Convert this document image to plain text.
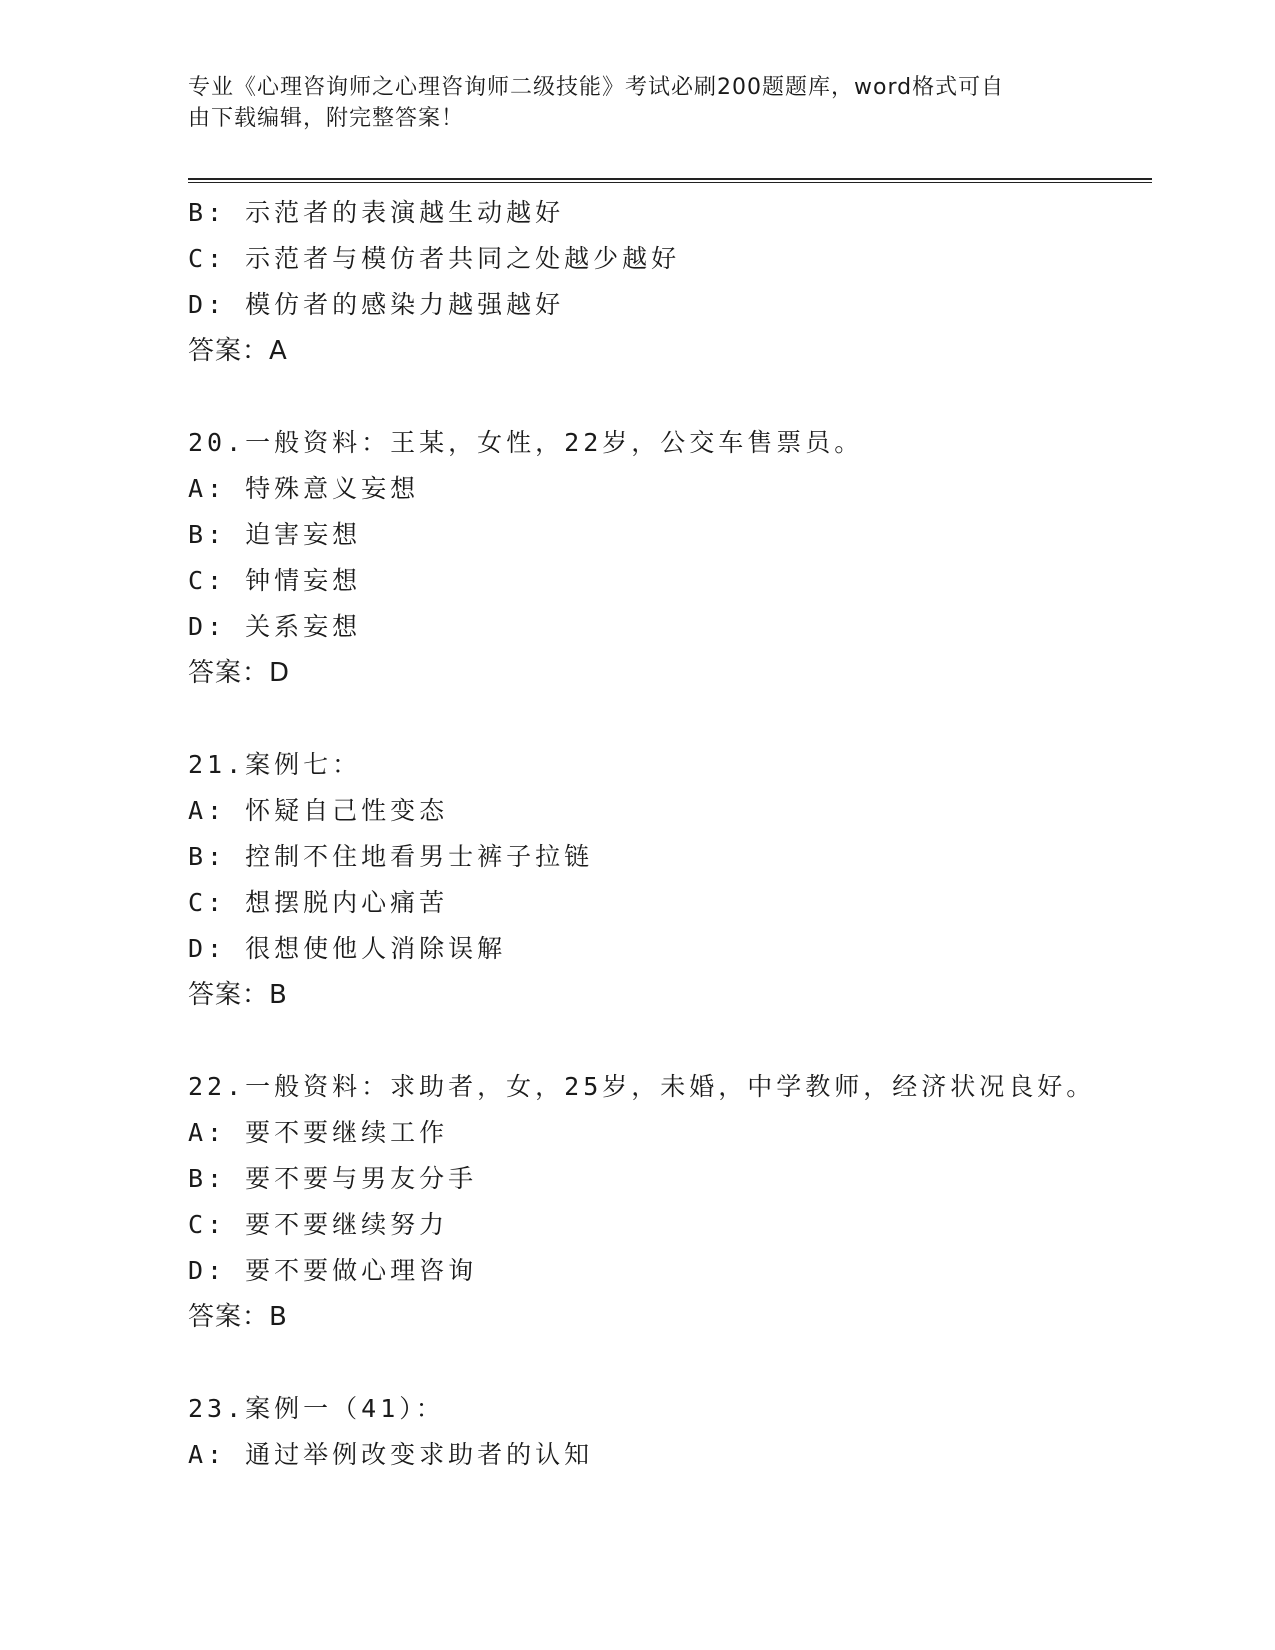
专业《心理咨询师之心理咨询师二级技能》考试必刷200题题库，word格式可自
由下载编辑，附完整答案！
B: 示范者的表演越生动越好
C: 示范者与模仿者共同之处越少越好
D: 模仿者的感染力越强越好
答案：A
20.一般资料：王某，女性，22岁，公交车售票员。
A: 特殊意义妄想
B: 迫害妄想
C: 钟情妄想
D: 关系妄想
答案：D
21.案例七：
A: 怀疑自己性变态
B: 控制不住地看男士裤子拉链
C: 想摆脱内心痛苦
D: 很想使他人消除误解
答案：B
22.一般资料：求助者，女，25岁，未婚，中学教师，经济状况良好。
A: 要不要继续工作
B: 要不要与男友分手
C: 要不要继续努力
D: 要不要做心理咨询
答案：B
23.案例一（41）：
A: 通过举例改变求助者的认知
